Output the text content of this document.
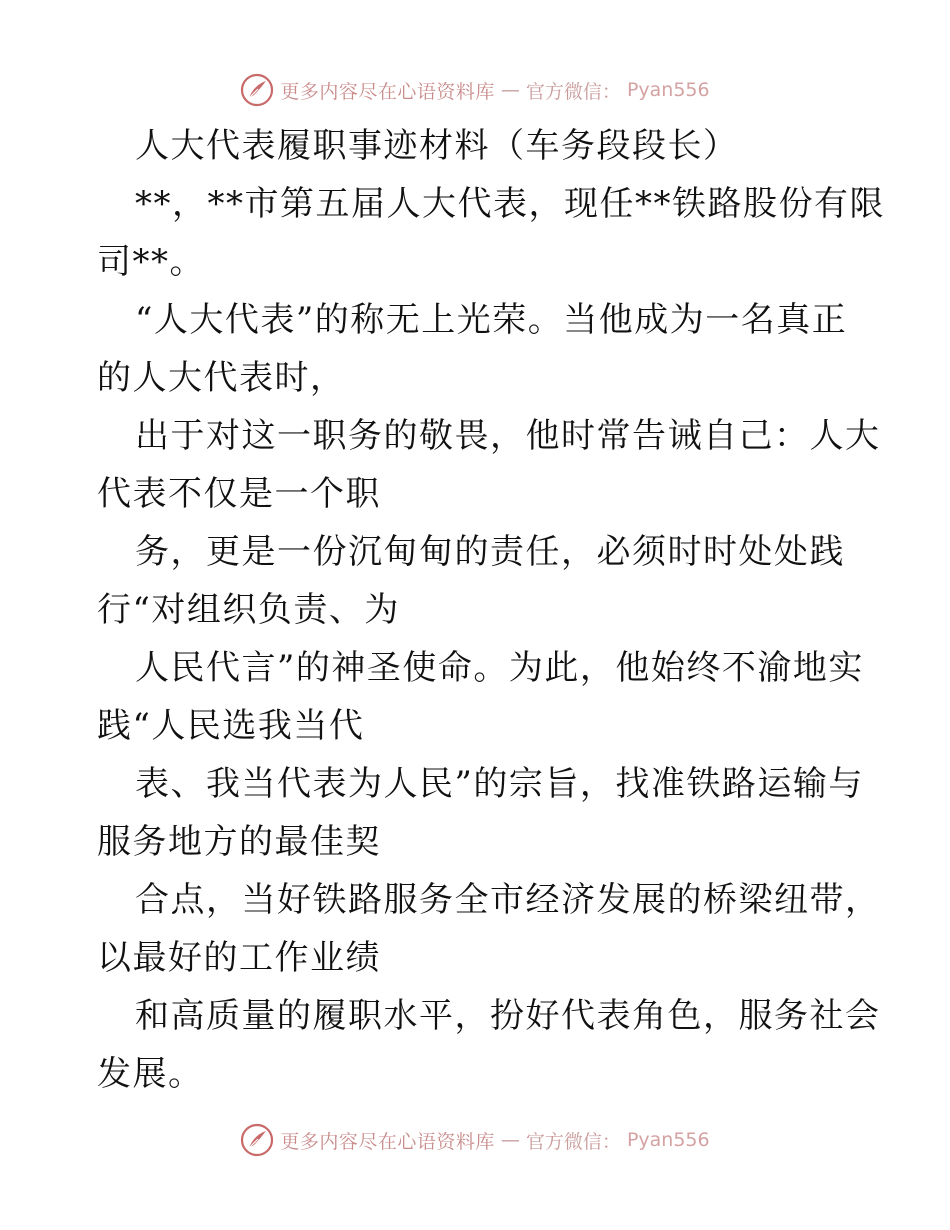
更多内容尽在心语资料库 — 官方微信： Pyan556
人大代表履职事迹材料（车务段段长）
**，**市第五届人大代表，现任**铁路股份有限
司**。
“人大代表”的称无上光荣。当他成为一名真正
的人大代表时，
出于对这一职务的敬畏，他时常告诫自己：人大
代表不仅是一个职
务，更是一份沉甸甸的责任，必须时时处处践
行“对组织负责、为
人民代言”的神圣使命。为此，他始终不渝地实
践“人民选我当代
表、我当代表为人民”的宗旨，找准铁路运输与
服务地方的最佳契
合点，当好铁路服务全市经济发展的桥梁纽带，
以最好的工作业绩
和高质量的履职水平，扮好代表角色，服务社会
发展。
更多内容尽在心语资料库 — 官方微信： Pyan556
